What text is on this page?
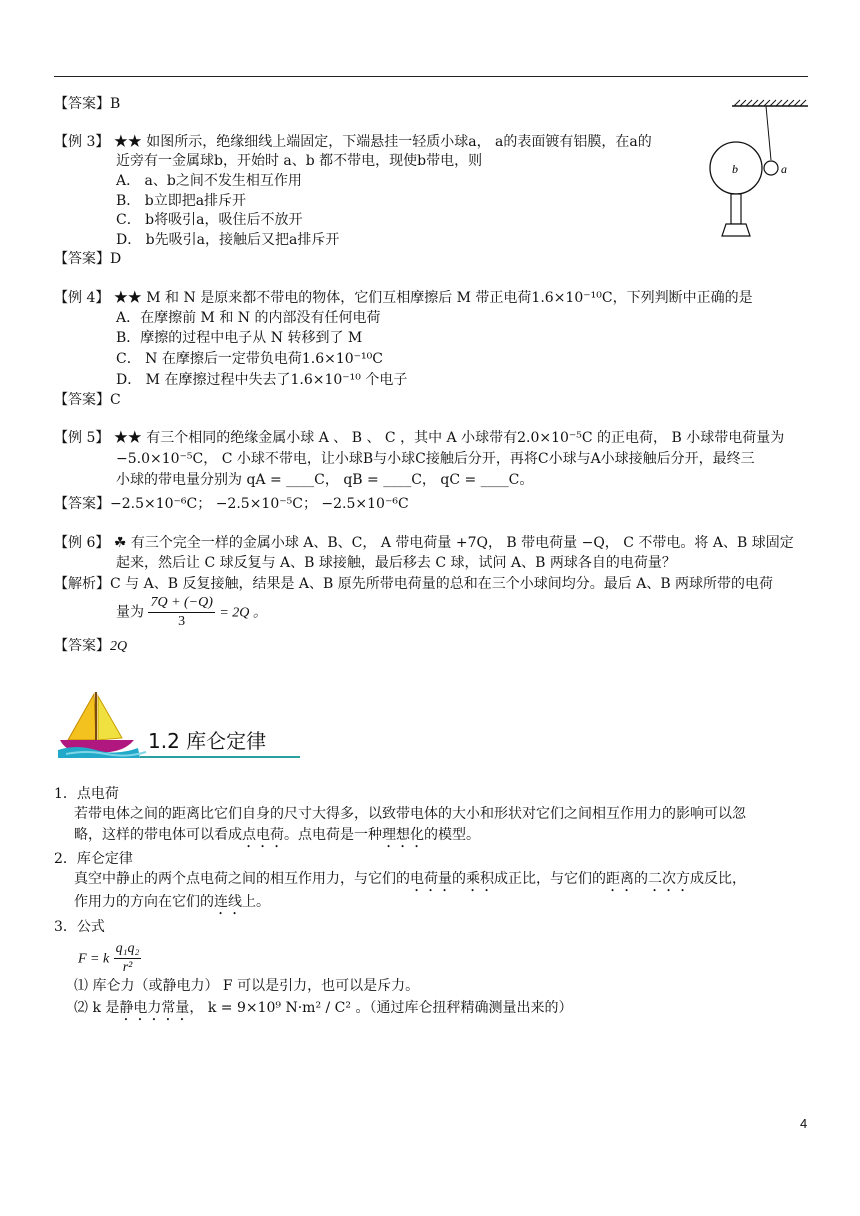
【答案】B
【例 3】 ★★ 如图所示，绝缘细线上端固定，下端悬挂一轻质小球a， a的表面镀有铝膜，在a的
近旁有一金属球b，开始时 a、b 都不带电，现使b带电，则
A． a、b之间不发生相互作用
B． b立即把a排斥开
C． b将吸引a，吸住后不放开
D． b先吸引a，接触后又把a排斥开
【答案】D
b	a
【例 4】 ★★ M 和 N 是原来都不带电的物体，它们互相摩擦后 M 带正电荷1.6×10⁻¹⁰C，下列判断中正确的是
A．在摩擦前 M 和 N 的内部没有任何电荷
B．摩擦的过程中电子从 N 转移到了 M
C． N 在摩擦后一定带负电荷1.6×10⁻¹⁰C
D． M 在摩擦过程中失去了1.6×10⁻¹⁰ 个电子
【答案】C
【例 5】 ★★ 有三个相同的绝缘金属小球 A 、 B 、 C ，其中 A 小球带有2.0×10⁻⁵C 的正电荷， B 小球带电荷量为
−5.0×10⁻⁵C， C 小球不带电，让小球B与小球C接触后分开，再将C小球与A小球接触后分开，最终三
小球的带电量分别为 qA = ____C， qB = ____C， qC = ____C。
【答案】−2.5×10⁻⁶C； −2.5×10⁻⁵C； −2.5×10⁻⁶C
【例 6】 ☘ 有三个完全一样的金属小球 A、B、C， A 带电荷量 +7Q， B 带电荷量 −Q， C 不带电。将 A、B 球固定
起来，然后让 C 球反复与 A、B 球接触，最后移去 C 球，试问 A、B 两球各自的电荷量？
【解析】C 与 A、B 反复接触，结果是 A、B 原先所带电荷量的总和在三个小球间均分。最后 A、B 两球所带的电荷
量为 $\frac{7Q + (-Q)}{3} = 2Q$ 。
【答案】2Q
1.2 库仑定律
1．点电荷
若带电体之间的距离比它们自身的尺寸大得多，以致带电体的大小和形状对它们之间相互作用力的影响可以忽
略，这样的带电体可以看成点电荷。点电荷是一种理想化的模型。
2．库仑定律
真空中静止的两个点电荷之间的相互作用力，与它们的电荷量的乘积成正比，与它们的距离的二次方成反比，
作用力的方向在它们的连线上。
3．公式
F = k $\frac{\text{q₁q₂}}{\text{r²}}$
⑴ 库仑力（或静电力） F 可以是引力，也可以是斥力。
⑵ k 是静电力常量， k = 9×10⁹ N·m² / C² 。（通过库仑扭秤精确测量出来的）
4
